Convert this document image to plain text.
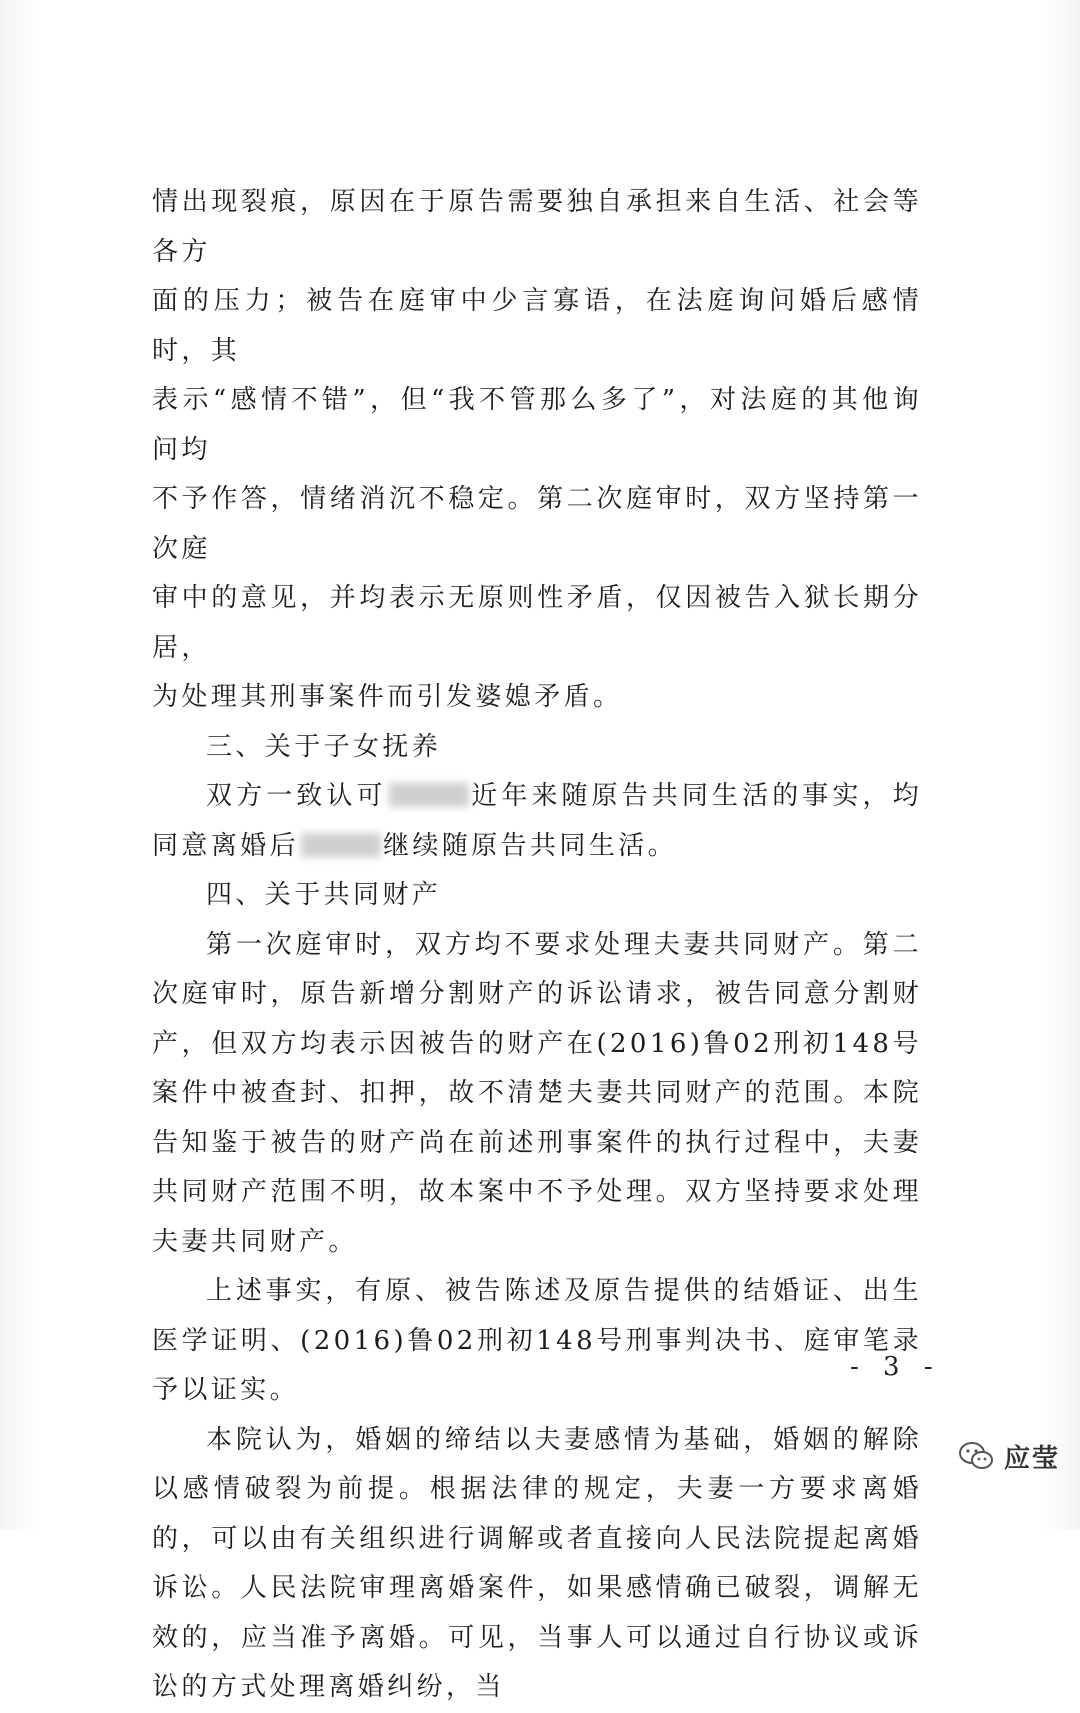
情出现裂痕，原因在于原告需要独自承担来自生活、社会等各方

面的压力；被告在庭审中少言寡语，在法庭询问婚后感情时，其

表示“感情不错”，但“我不管那么多了”，对法庭的其他询问均

不予作答，情绪消沉不稳定。第二次庭审时，双方坚持第一次庭

审中的意见，并均表示无原则性矛盾，仅因被告入狱长期分居，

为处理其刑事案件而引发婆媳矛盾。

三、关于子女抚养

双方一致认可	近年来随原告共同生活的事实，均同意离婚后	继续随原告共同生活。

四、关于共同财产

第一次庭审时，双方均不要求处理夫妻共同财产。第二次庭审时，原告新增分割财产的诉讼请求，被告同意分割财产，但双方均表示因被告的财产在(2016)鲁02刑初148号案件中被查封、扣押，故不清楚夫妻共同财产的范围。本院告知鉴于被告的财产尚在前述刑事案件的执行过程中，夫妻共同财产范围不明，故本案中不予处理。双方坚持要求处理夫妻共同财产。

上述事实，有原、被告陈述及原告提供的结婚证、出生医学证明、(2016)鲁02刑初148号刑事判决书、庭审笔录予以证实。

本院认为，婚姻的缔结以夫妻感情为基础，婚姻的解除以感情破裂为前提。根据法律的规定，夫妻一方要求离婚的，可以由有关组织进行调解或者直接向人民法院提起离婚诉讼。人民法院审理离婚案件，如果感情确已破裂，调解无效的，应当准予离婚。可见，当事人可以通过自行协议或诉讼的方式处理离婚纠纷，当

- 3 -
应莹
